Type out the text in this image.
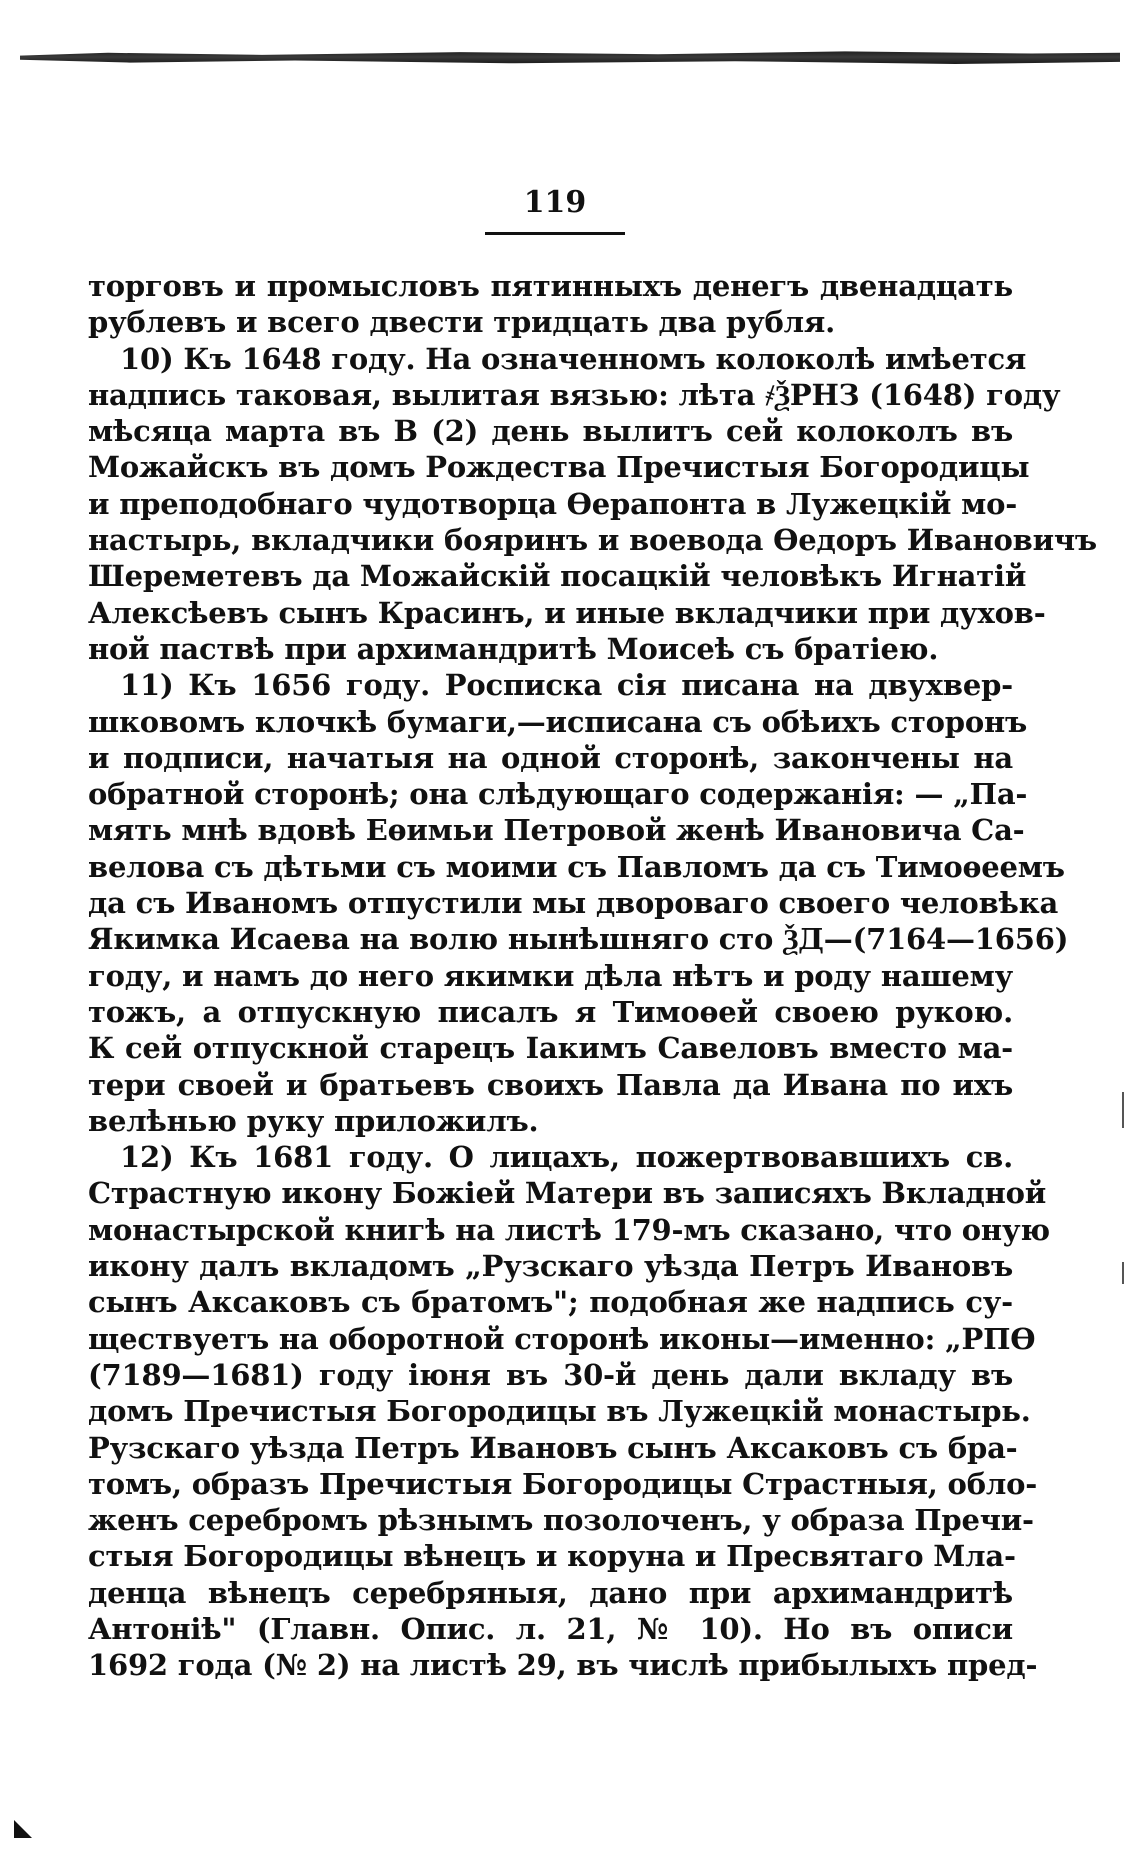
119
торговъ и промысловъ пятинныхъ денегъ двенадцать
рублевъ и всего двести тридцать два рубля.
10) Къ 1648 году. На означенномъ колоколѣ имѣется
надпись таковая, вылитая вязью: лѣта ҂ѮРНЗ (1648) году
мѣсяца марта въ В (2) день вылитъ сей колоколъ въ
Можайскъ въ домъ Рождества Пречистыя Богородицы
и преподобнаго чудотворца Ѳерапонта в Лужецкій мо-
настырь, вкладчики бояринъ и воевода Ѳедоръ Ивановичъ
Шереметевъ да Можайскій посацкій человѣкъ Игнатій
Алексѣевъ сынъ Красинъ, и иные вкладчики при духов-
ной паствѣ при архимандритѣ Моисеѣ съ братіею.
11) Къ 1656 году. Росписка сія писана на двухвер-
шковомъ клочкѣ бумаги,—исписана съ обѣихъ сторонъ
и подписи, начатыя на одной сторонѣ, закончены на
обратной сторонѣ; она слѣдующаго содержанія: — „Па-
мять мнѣ вдовѣ Еѳимьи Петровой женѣ Ивановича Са-
велова съ дѣтьми съ моими съ Павломъ да съ Тимоѳеемъ
да съ Иваномъ отпустили мы двороваго своего человѣка
Якимка Исаева на волю нынѣшняго сто ѮД—(7164—1656)
году, и намъ до него якимки дѣла нѣтъ и роду нашему
тожъ, а отпускную писалъ я Тимоѳей своею рукою.
К сей отпускной старецъ Іакимъ Савеловъ вместо ма-
тери своей и братьевъ своихъ Павла да Ивана по ихъ
велѣнью руку приложилъ.
12) Къ 1681 году. О лицахъ, пожертвовавшихъ св.
Страстную икону Божіей Матери въ записяхъ Вкладной
монастырской книгѣ на листѣ 179-мъ сказано, что оную
икону далъ вкладомъ „Рузскаго уѣзда Петръ Ивановъ
сынъ Аксаковъ съ братомъ"; подобная же надпись су-
ществуетъ на оборотной сторонѣ иконы—именно: „РПѲ
(7189—1681) году іюня въ 30-й день дали вкладу въ
домъ Пречистыя Богородицы въ Лужецкій монастырь.
Рузскаго уѣзда Петръ Ивановъ сынъ Аксаковъ съ бра-
томъ, образъ Пречистыя Богородицы Страстныя, обло-
женъ серебромъ рѣзнымъ позолоченъ, у образа Пречи-
стыя Богородицы вѣнецъ и коруна и Пресвятаго Мла-
денца вѣнецъ серебряныя, дано при архимандритѣ
Антонiѣ" (Главн. Опис. л. 21, № 10). Но въ описи
1692 года (№ 2) на листѣ 29, въ числѣ прибылыхъ пред-
